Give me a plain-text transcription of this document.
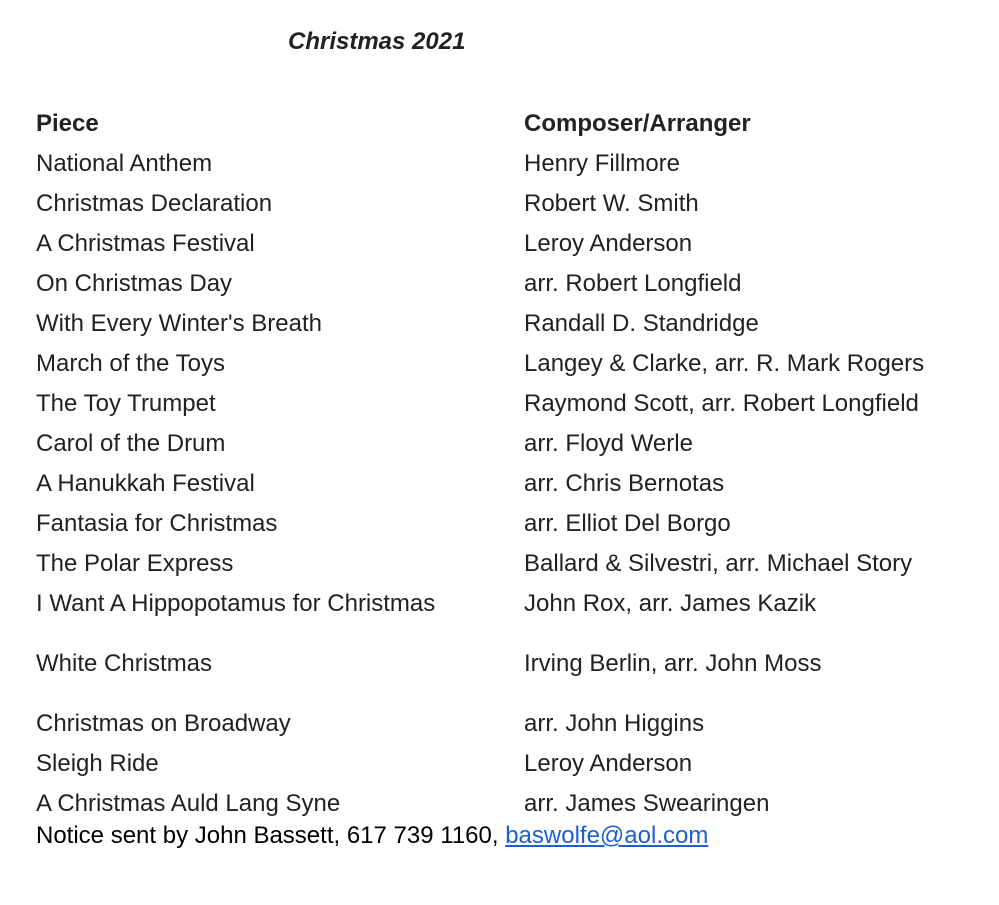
Christmas 2021
Piece	Composer/Arranger
National Anthem	Henry Fillmore
Christmas Declaration	Robert W. Smith
A Christmas Festival	Leroy Anderson
On Christmas Day	arr. Robert Longfield
With Every Winter's Breath	Randall D. Standridge
March of the Toys	Langey & Clarke, arr. R. Mark Rogers
The Toy Trumpet	Raymond Scott, arr. Robert Longfield
Carol of the Drum	arr. Floyd Werle
A Hanukkah Festival	arr. Chris Bernotas
Fantasia for Christmas	arr. Elliot Del Borgo
The Polar Express	Ballard & Silvestri, arr. Michael Story
I Want A Hippopotamus for Christmas	John Rox, arr. James Kazik
White Christmas	Irving Berlin, arr. John Moss
Christmas on Broadway	arr. John Higgins
Sleigh Ride	Leroy Anderson
A Christmas Auld Lang Syne	arr. James Swearingen
Notice sent by John Bassett, 617 739 1160, baswolfe@aol.com
